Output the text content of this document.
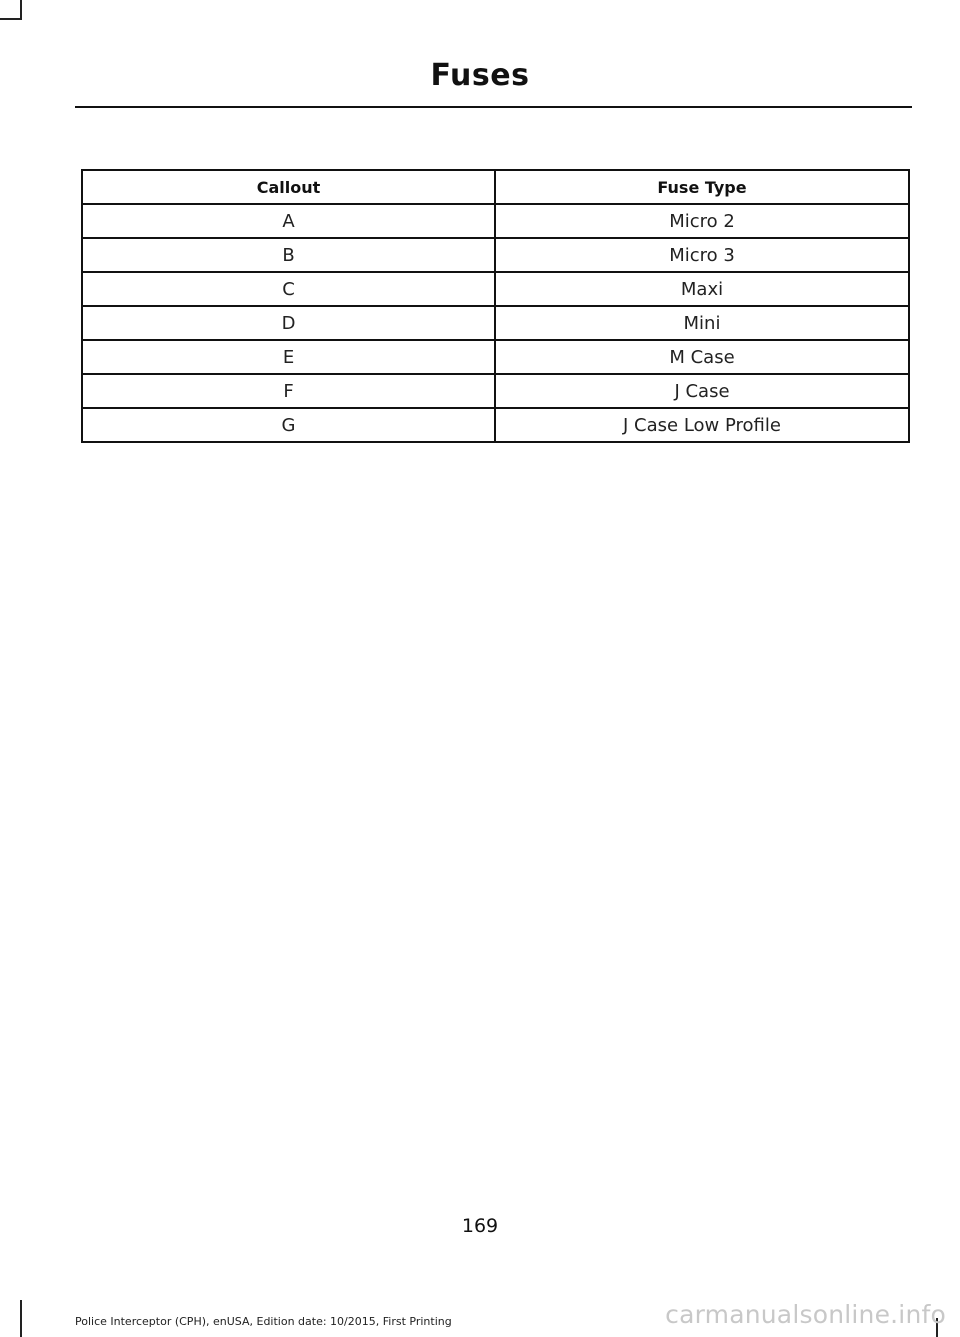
Fuses
Callout	Fuse Type
A	Micro 2
B	Micro 3
C	Maxi
D	Mini
E	M Case
F	J Case
G	J Case Low Profile
169
Police Interceptor (CPH), enUSA, Edition date: 10/2015, First Printing	carmanualsonline.info
